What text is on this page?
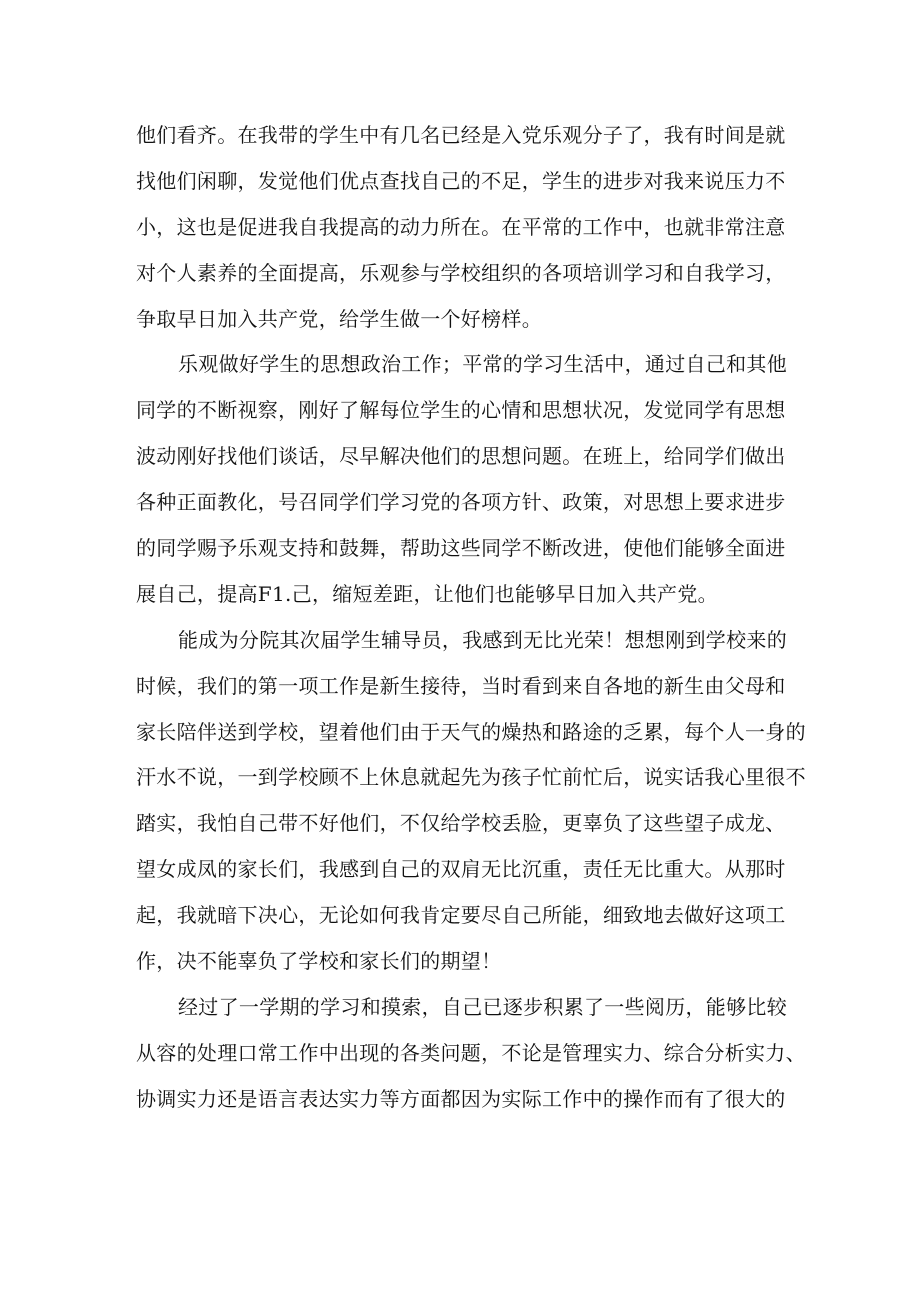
他们看齐。在我带的学生中有几名已经是入党乐观分子了，我有时间是就
找他们闲聊，发觉他们优点查找自己的不足，学生的进步对我来说压力不
小，这也是促进我自我提高的动力所在。在平常的工作中，也就非常注意
对个人素养的全面提高，乐观参与学校组织的各项培训学习和自我学习，
争取早日加入共产党，给学生做一个好榜样。
乐观做好学生的思想政治工作；平常的学习生活中，通过自己和其他
同学的不断视察，刚好了解每位学生的心情和思想状况，发觉同学有思想
波动刚好找他们谈话，尽早解决他们的思想问题。在班上，给同学们做出
各种正面教化，号召同学们学习党的各项方针、政策，对思想上要求进步
的同学赐予乐观支持和鼓舞，帮助这些同学不断改进，使他们能够全面进
展自己，提高F1.己，缩短差距，让他们也能够早日加入共产党。
能成为分院其次届学生辅导员，我感到无比光荣！想想刚到学校来的
时候，我们的第一项工作是新生接待，当时看到来自各地的新生由父母和
家长陪伴送到学校，望着他们由于天气的燥热和路途的乏累，每个人一身的
汗水不说，一到学校顾不上休息就起先为孩子忙前忙后，说实话我心里很不
踏实，我怕自己带不好他们，不仅给学校丢脸，更辜负了这些望子成龙、
望女成凤的家长们，我感到自己的双肩无比沉重，责任无比重大。从那时
起，我就暗下决心，无论如何我肯定要尽自己所能，细致地去做好这项工
作，决不能辜负了学校和家长们的期望！
经过了一学期的学习和摸索，自己已逐步积累了一些阅历，能够比较
从容的处理口常工作中出现的各类问题，不论是管理实力、综合分析实力、
协调实力还是语言表达实力等方面都因为实际工作中的操作而有了很大的
